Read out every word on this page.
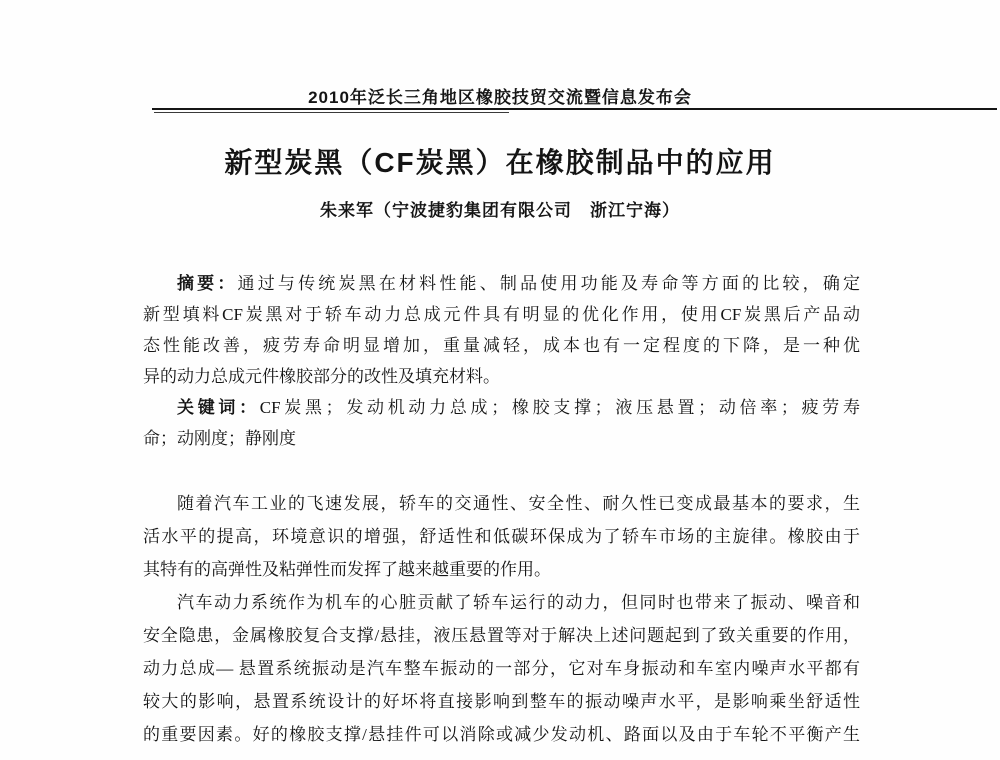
2010年泛长三角地区橡胶技贸交流暨信息发布会
新型炭黑（CF炭黑）在橡胶制品中的应用
朱来军（宁波捷豹集团有限公司　浙江宁海）
摘要：通过与传统炭黑在材料性能、制品使用功能及寿命等方面的比较，确定
新型填料CF炭黑对于轿车动力总成元件具有明显的优化作用，使用CF炭黑后产品动
态性能改善，疲劳寿命明显增加，重量减轻，成本也有一定程度的下降，是一种优
异的动力总成元件橡胶部分的改性及填充材料。
关键词：CF炭黑；发动机动力总成；橡胶支撑；液压悬置；动倍率；疲劳寿
命；动刚度；静刚度
随着汽车工业的飞速发展，轿车的交通性、安全性、耐久性已变成最基本的要求，生
活水平的提高，环境意识的增强，舒适性和低碳环保成为了轿车市场的主旋律。橡胶由于
其特有的高弹性及粘弹性而发挥了越来越重要的作用。
汽车动力系统作为机车的心脏贡献了轿车运行的动力，但同时也带来了振动、噪音和
安全隐患，金属橡胶复合支撑/悬挂，液压悬置等对于解决上述问题起到了致关重要的作用，
动力总成— 悬置系统振动是汽车整车振动的一部分，它对车身振动和车室内噪声水平都有
较大的影响，悬置系统设计的好坏将直接影响到整车的振动噪声水平，是影响乘坐舒适性
的重要因素。好的橡胶支撑/悬挂件可以消除或减少发动机、路面以及由于车轮不平衡产生
